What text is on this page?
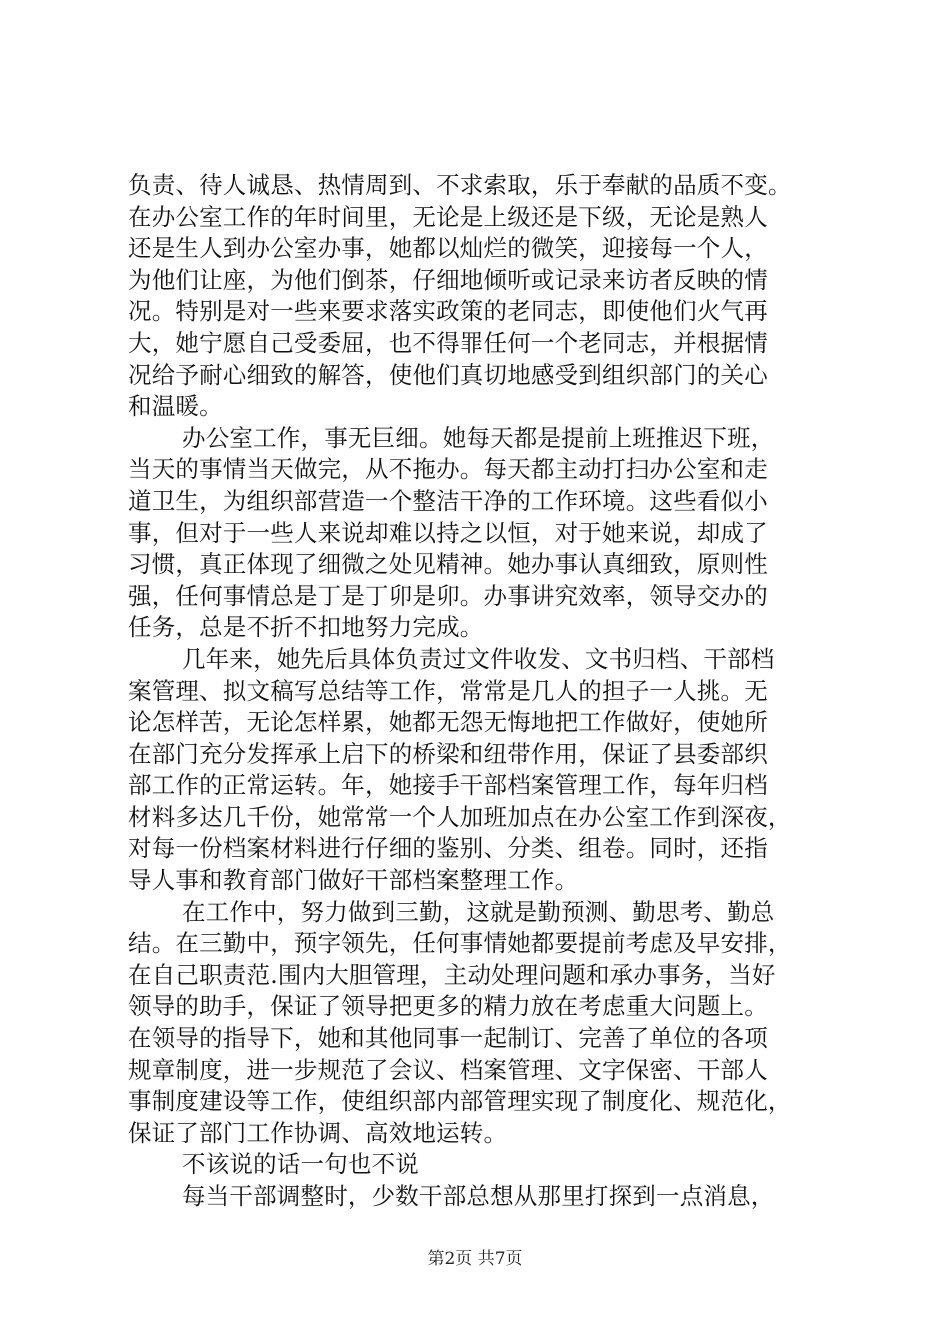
负责、待人诚恳、热情周到、不求索取，乐于奉献的品质不变。
在办公室工作的年时间里，无论是上级还是下级，无论是熟人
还是生人到办公室办事，她都以灿烂的微笑，迎接每一个人，
为他们让座，为他们倒茶，仔细地倾听或记录来访者反映的情
况。特别是对一些来要求落实政策的老同志，即使他们火气再
大，她宁愿自己受委屈，也不得罪任何一个老同志，并根据情
况给予耐心细致的解答，使他们真切地感受到组织部门的关心
和温暖。
办公室工作，事无巨细。她每天都是提前上班推迟下班，
当天的事情当天做完，从不拖办。每天都主动打扫办公室和走
道卫生，为组织部营造一个整洁干净的工作环境。这些看似小
事，但对于一些人来说却难以持之以恒，对于她来说，却成了
习惯，真正体现了细微之处见精神。她办事认真细致，原则性
强，任何事情总是丁是丁卯是卯。办事讲究效率，领导交办的
任务，总是不折不扣地努力完成。
几年来，她先后具体负责过文件收发、文书归档、干部档
案管理、拟文稿写总结等工作，常常是几人的担子一人挑。无
论怎样苦，无论怎样累，她都无怨无悔地把工作做好，使她所
在部门充分发挥承上启下的桥梁和纽带作用，保证了县委部织
部工作的正常运转。年，她接手干部档案管理工作，每年归档
材料多达几千份，她常常一个人加班加点在办公室工作到深夜，
对每一份档案材料进行仔细的鉴别、分类、组卷。同时，还指
导人事和教育部门做好干部档案整理工作。
在工作中，努力做到三勤，这就是勤预测、勤思考、勤总
结。在三勤中，预字领先，任何事情她都要提前考虑及早安排，
在自己职责范.围内大胆管理，主动处理问题和承办事务，当好
领导的助手，保证了领导把更多的精力放在考虑重大问题上。
在领导的指导下，她和其他同事一起制订、完善了单位的各项
规章制度，进一步规范了会议、档案管理、文字保密、干部人
事制度建设等工作，使组织部内部管理实现了制度化、规范化，
保证了部门工作协调、高效地运转。
不该说的话一句也不说
每当干部调整时，少数干部总想从那里打探到一点消息，
第2页 共7页
